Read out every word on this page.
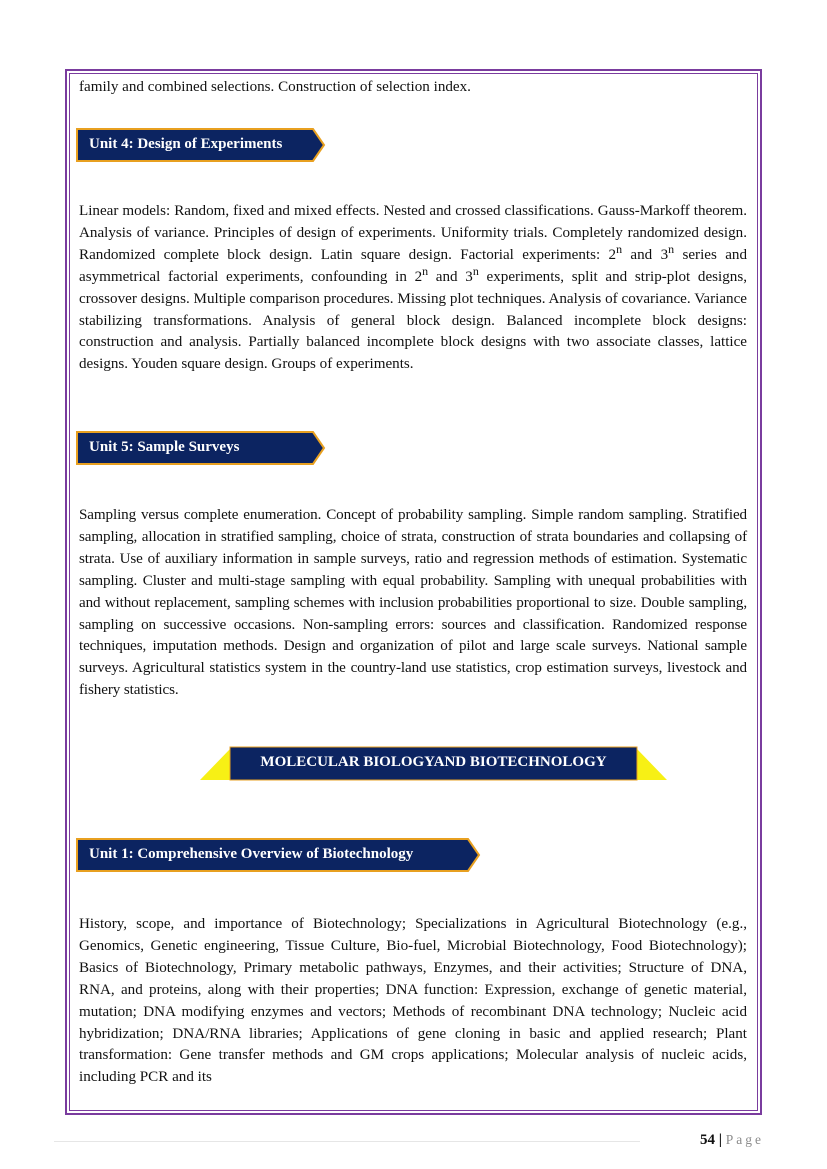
family and combined selections. Construction of selection index.

Unit 4: Design of Experiments

Linear models: Random, fixed and mixed effects. Nested and crossed classifications. Gauss-Markoff theorem. Analysis of variance. Principles of design of experiments. Uniformity trials. Completely randomized design. Randomized complete block design. Latin square design. Factorial experiments: 2$^n$ and 3$^n$ series and asymmetrical factorial experiments, confounding in 2$^n$ and 3$^n$ experiments, split and strip-plot designs, crossover designs. Multiple comparison procedures. Missing plot techniques. Analysis of covariance. Variance stabilizing transformations. Analysis of general block design. Balanced incomplete block designs: construction and analysis. Partially balanced incomplete block designs with two associate classes, lattice designs. Youden square design. Groups of experiments.

Unit 5: Sample Surveys

Sampling versus complete enumeration. Concept of probability sampling. Simple random sampling. Stratified sampling, allocation in stratified sampling, choice of strata, construction of strata boundaries and collapsing of strata. Use of auxiliary information in sample surveys, ratio and regression methods of estimation. Systematic sampling. Cluster and multi-stage sampling with equal probability. Sampling with unequal probabilities with and without replacement, sampling schemes with inclusion probabilities proportional to size. Double sampling, sampling on successive occasions. Non-sampling errors: sources and classification. Randomized response techniques, imputation methods. Design and organization of pilot and large scale surveys. National sample surveys. Agricultural statistics system in the country-land use statistics, crop estimation surveys, livestock and fishery statistics.

MOLECULAR BIOLOGYAND BIOTECHNOLOGY
Unit 1: Comprehensive Overview of Biotechnology

History, scope, and importance of Biotechnology; Specializations in Agricultural Biotechnology (e.g., Genomics, Genetic engineering, Tissue Culture, Bio-fuel, Microbial Biotechnology, Food Biotechnology); Basics of Biotechnology, Primary metabolic pathways, Enzymes, and their activities; Structure of DNA, RNA, and proteins, along with their properties; DNA function: Expression, exchange of genetic material, mutation; DNA modifying enzymes and vectors; Methods of recombinant DNA technology; Nucleic acid hybridization; DNA/RNA libraries; Applications of gene cloning in basic and applied research; Plant transformation: Gene transfer methods and GM crops applications; Molecular analysis of nucleic acids, including PCR and its

54 | Page
